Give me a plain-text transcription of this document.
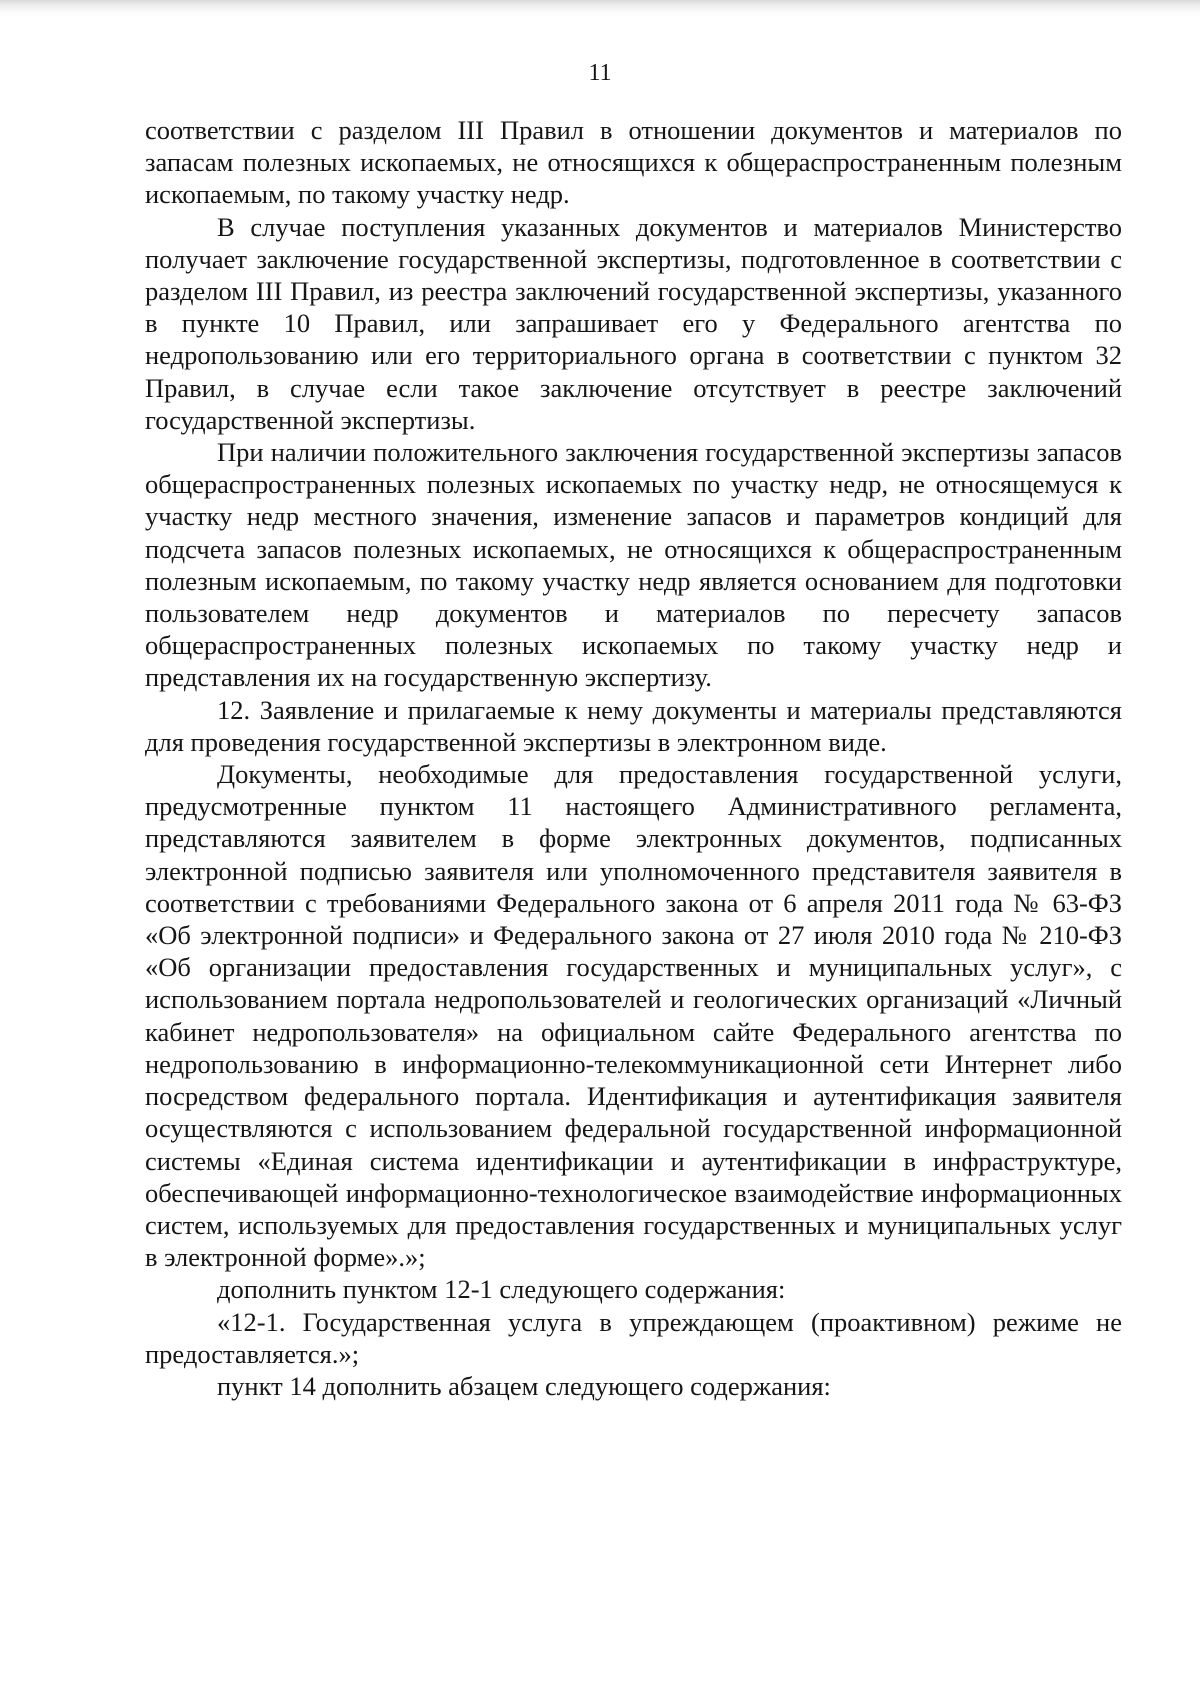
11

соответствии с разделом III Правил в отношении документов и материалов по запасам полезных ископаемых, не относящихся к общераспространенным полезным ископаемым, по такому участку недр.

В случае поступления указанных документов и материалов Министерство получает заключение государственной экспертизы, подготовленное в соответствии с разделом III Правил, из реестра заключений государственной экспертизы, указанного в пункте 10 Правил, или запрашивает его у Федерального агентства по недропользованию или его территориального органа в соответствии с пунктом 32 Правил, в случае если такое заключение отсутствует в реестре заключений государственной экспертизы.

При наличии положительного заключения государственной экспертизы запасов общераспространенных полезных ископаемых по участку недр, не относящемуся к участку недр местного значения, изменение запасов и параметров кондиций для подсчета запасов полезных ископаемых, не относящихся к общераспространенным полезным ископаемым, по такому участку недр является основанием для подготовки пользователем недр документов и материалов по пересчету запасов общераспространенных полезных ископаемых по такому участку недр и представления их на государственную экспертизу.

12. Заявление и прилагаемые к нему документы и материалы представляются для проведения государственной экспертизы в электронном виде.

Документы, необходимые для предоставления государственной услуги, предусмотренные пунктом 11 настоящего Административного регламента, представляются заявителем в форме электронных документов, подписанных электронной подписью заявителя или уполномоченного представителя заявителя в соответствии с требованиями Федерального закона от 6 апреля 2011 года № 63-ФЗ «Об электронной подписи» и Федерального закона от 27 июля 2010 года № 210-ФЗ «Об организации предоставления государственных и муниципальных услуг», с использованием портала недропользователей и геологических организаций «Личный кабинет недропользователя» на официальном сайте Федерального агентства по недропользованию в информационно-телекоммуникационной сети Интернет либо посредством федерального портала. Идентификация и аутентификация заявителя осуществляются с использованием федеральной государственной информационной системы «Единая система идентификации и аутентификации в инфраструктуре, обеспечивающей информационно-технологическое взаимодействие информационных систем, используемых для предоставления государственных и муниципальных услуг в электронной форме».»;

дополнить пунктом 12-1 следующего содержания:

«12-1. Государственная услуга в упреждающем (проактивном) режиме не предоставляется.»;

пункт 14 дополнить абзацем следующего содержания:
